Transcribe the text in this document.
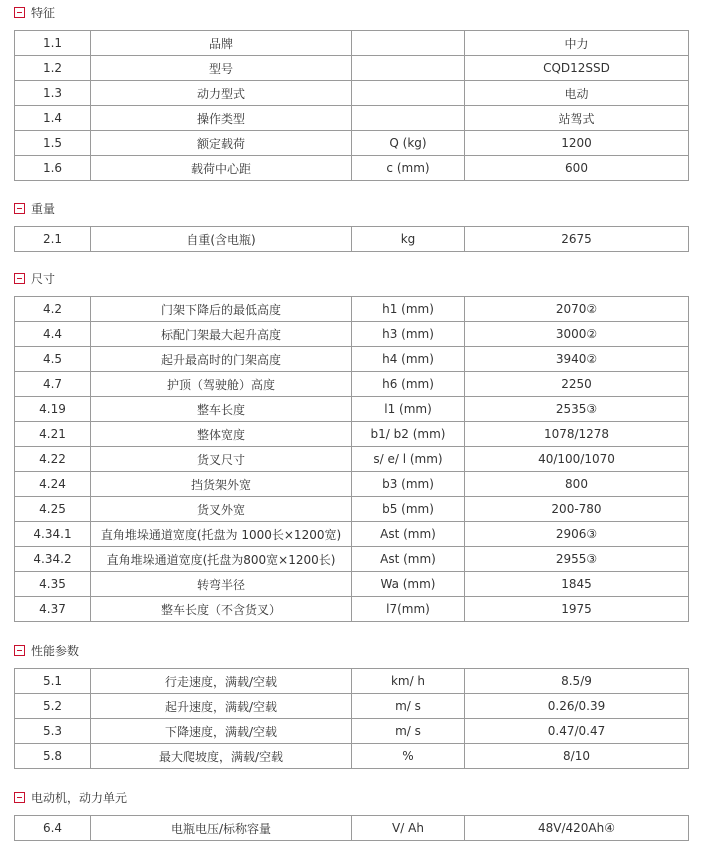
特征
1.1	品牌		中力
1.2	型号		CQD12SSD
1.3	动力型式		电动
1.4	操作类型		站驾式
1.5	额定载荷	Q (kg)	1200
1.6	载荷中心距	c (mm)	600
重量
2.1	自重(含电瓶)	kg	2675
尺寸
4.2	门架下降后的最低高度	h1 (mm)	2070②
4.4	标配门架最大起升高度	h3 (mm)	3000②
4.5	起升最高时的门架高度	h4 (mm)	3940②
4.7	护顶（驾驶舱）高度	h6 (mm)	2250
4.19	整车长度	l1 (mm)	2535③
4.21	整体宽度	b1/ b2 (mm)	1078/1278
4.22	货叉尺寸	s/ e/ l (mm)	40/100/1070
4.24	挡货架外宽	b3 (mm)	800
4.25	货叉外宽	b5 (mm)	200-780
4.34.1	直角堆垛通道宽度(托盘为 1000长×1200宽)	Ast (mm)	2906③
4.34.2	直角堆垛通道宽度(托盘为800宽×1200长)	Ast (mm)	2955③
4.35	转弯半径	Wa (mm)	1845
4.37	整车长度（不含货叉）	l7(mm)	1975
性能参数
5.1	行走速度，满载/空载	km/ h	8.5/9
5.2	起升速度，满载/空载	m/ s	0.26/0.39
5.3	下降速度，满载/空载	m/ s	0.47/0.47
5.8	最大爬坡度，满载/空载	%	8/10
电动机，动力单元
6.4	电瓶电压/标称容量	V/ Ah	48V/420Ah④
